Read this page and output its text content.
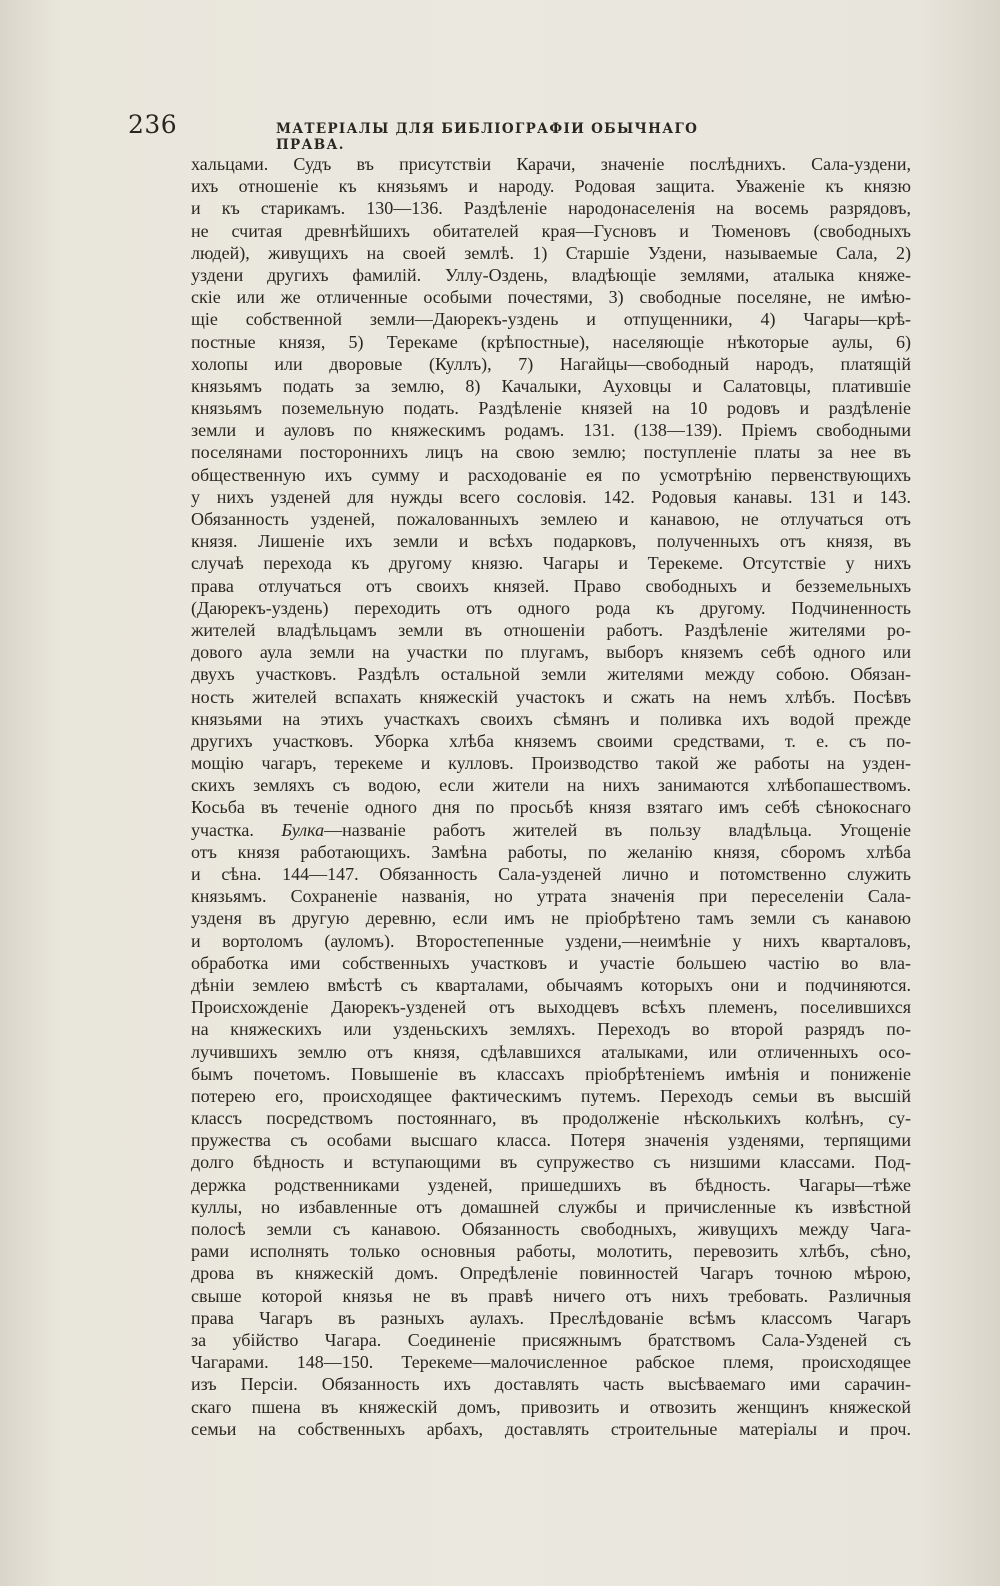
236	МАТЕРІАЛЫ ДЛЯ БИБЛІОГРАФІИ ОБЫЧНАГО ПРАВА.
хальцами. Судъ въ присутствіи Карачи, значеніе послѣднихъ. Сала-уздени,
ихъ отношеніе къ князьямъ и народу. Родовая защита. Уваженіе къ князю
и къ старикамъ. 130—136. Раздѣленіе народонаселенія на восемь разрядовъ,
не считая древнѣйшихъ обитателей края—Гусновъ и Тюменовъ (свободныхъ
людей), живущихъ на своей землѣ. 1) Старшіе Уздени, называемые Сала, 2)
уздени другихъ фамилій. Уллу-Оздень, владѣющіе землями, аталыка княже-
скіе или же отличенные особыми почестями, 3) свободные поселяне, не имѣю-
щіе собственной земли—Даюрекъ-уздень и отпущенники, 4) Чагары—крѣ-
постные князя, 5) Терекаме (крѣпостные), населяющіе нѣкоторые аулы, 6)
холопы или дворовые (Куллъ), 7) Нагайцы—свободный народъ, платящій
князьямъ подать за землю, 8) Качалыки, Ауховцы и Салатовцы, платившіе
князьямъ поземельную подать. Раздѣленіе князей на 10 родовъ и раздѣленіе
земли и ауловъ по княжескимъ родамъ. 131. (138—139). Пріемъ свободными
поселянами постороннихъ лицъ на свою землю; поступленіе платы за нее въ
общественную ихъ сумму и расходованіе ея по усмотрѣнію первенствующихъ
у нихъ узденей для нужды всего сословія. 142. Родовыя канавы. 131 и 143.
Обязанность узденей, пожалованныхъ землею и канавою, не отлучаться отъ
князя. Лишеніе ихъ земли и всѣхъ подарковъ, полученныхъ отъ князя, въ
случаѣ перехода къ другому князю. Чагары и Терекеме. Отсутствіе у нихъ
права отлучаться отъ своихъ князей. Право свободныхъ и безземельныхъ
(Даюрекъ-уздень) переходить отъ одного рода къ другому. Подчиненность
жителей владѣльцамъ земли въ отношеніи работъ. Раздѣленіе жителями ро-
дового аула земли на участки по плугамъ, выборъ княземъ себѣ одного или
двухъ участковъ. Раздѣлъ остальной земли жителями между собою. Обязан-
ность жителей вспахать княжескій участокъ и сжать на немъ хлѣбъ. Посѣвъ
князьями на этихъ участкахъ своихъ сѣмянъ и поливка ихъ водой прежде
другихъ участковъ. Уборка хлѣба княземъ своими средствами, т. е. съ по-
мощію чагаръ, терекеме и кулловъ. Производство такой же работы на узден-
скихъ земляхъ съ водою, если жители на нихъ занимаются хлѣбопашествомъ.
Косьба въ теченіе одного дня по просьбѣ князя взятаго имъ себѣ сѣнокоснаго
участка. Булка—названіе работъ жителей въ пользу владѣльца. Угощеніе
отъ князя работающихъ. Замѣна работы, по желанію князя, сборомъ хлѣба
и сѣна. 144—147. Обязанность Сала-узденей лично и потомственно служить
князьямъ. Сохраненіе названія, но утрата значенія при переселеніи Сала-
узденя въ другую деревню, если имъ не пріобрѣтено тамъ земли съ канавою
и вортоломъ (ауломъ). Второстепенные уздени,—неимѣніе у нихъ кварталовъ,
обработка ими собственныхъ участковъ и участіе большею частію во вла-
дѣніи землею вмѣстѣ съ кварталами, обычаямъ которыхъ они и подчиняются.
Происхожденіе Даюрекъ-узденей отъ выходцевъ всѣхъ племенъ, поселившихся
на княжескихъ или узденьскихъ земляхъ. Переходъ во второй разрядъ по-
лучившихъ землю отъ князя, сдѣлавшихся аталыками, или отличенныхъ осо-
бымъ почетомъ. Повышеніе въ классахъ пріобрѣтеніемъ имѣнія и пониженіе
потерею его, происходящее фактическимъ путемъ. Переходъ семьи въ высшій
классъ посредствомъ постояннаго, въ продолженіе нѣсколькихъ колѣнъ, су-
пружества съ особами высшаго класса. Потеря значенія узденями, терпящими
долго бѣдность и вступающими въ супружество съ низшими классами. Под-
держка родственниками узденей, пришедшихъ въ бѣдность. Чагары—тѣже
куллы, но избавленные отъ домашней службы и причисленные къ извѣстной
полосѣ земли съ канавою. Обязанность свободныхъ, живущихъ между Чага-
рами исполнять только основныя работы, молотить, перевозить хлѣбъ, сѣно,
дрова въ княжескій домъ. Опредѣленіе повинностей Чагаръ точною мѣрою,
свыше которой князья не въ правѣ ничего отъ нихъ требовать. Различныя
права Чагаръ въ разныхъ аулахъ. Преслѣдованіе всѣмъ классомъ Чагаръ
за убійство Чагара. Соединеніе присяжнымъ братствомъ Сала-Узденей съ
Чагарами. 148—150. Терекеме—малочисленное рабское племя, происходящее
изъ Персіи. Обязанность ихъ доставлять часть высѣваемаго ими сарачин-
скаго пшена въ княжескій домъ, привозить и отвозить женщинъ княжеской
семьи на собственныхъ арбахъ, доставлять строительные матеріалы и проч.
